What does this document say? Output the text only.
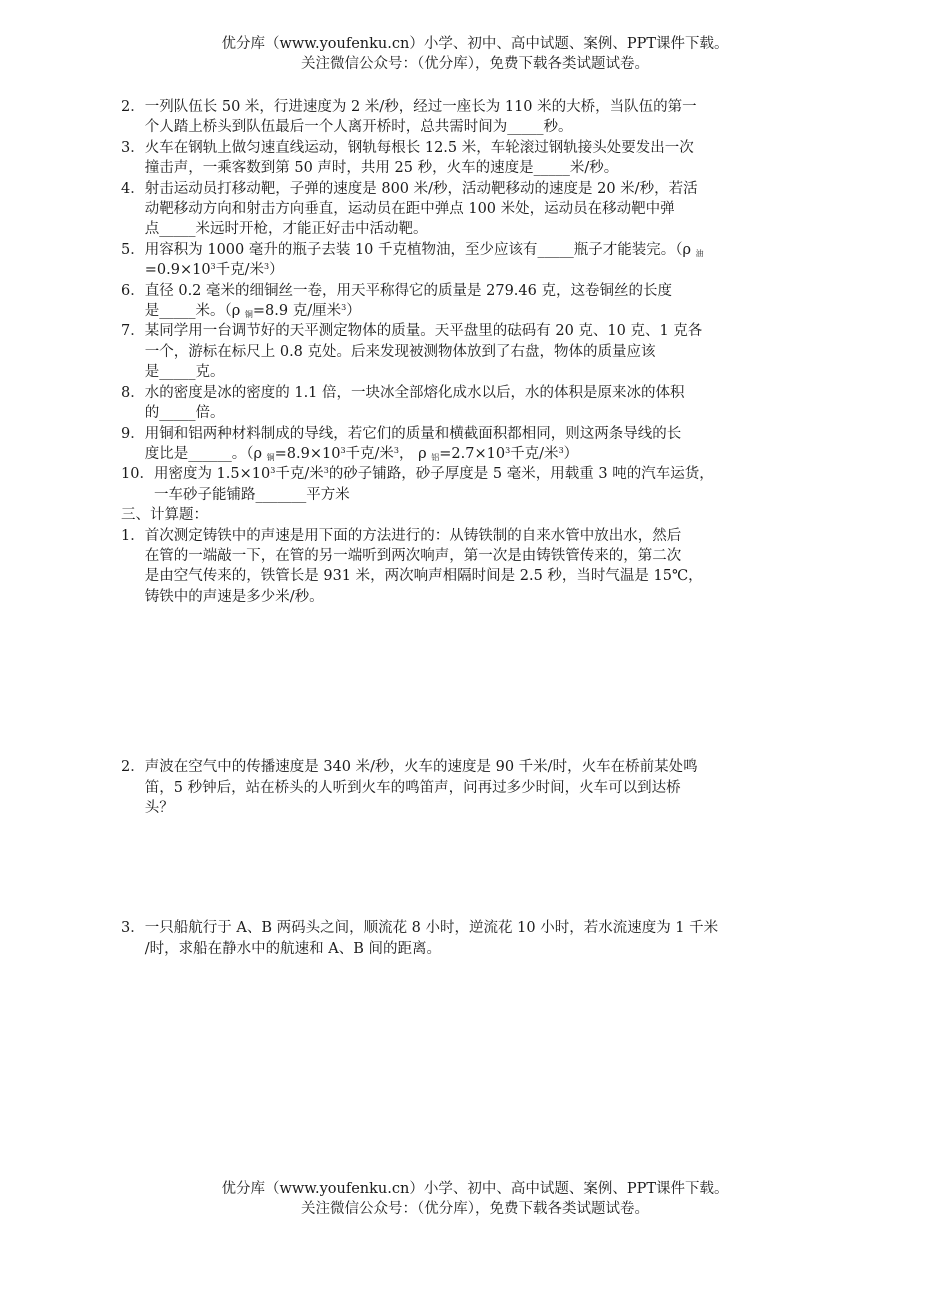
优分库（www.youfenku.cn）小学、初中、高中试题、案例、PPT课件下载。
关注微信公众号：（优分库），免费下载各类试题试卷。
2． 一列队伍长 50 米，行进速度为 2 米/秒，经过一座长为 110 米的大桥，当队伍的第一
个人踏上桥头到队伍最后一个人离开桥时，总共需时间为_____秒。
3． 火车在钢轨上做匀速直线运动，钢轨每根长 12.5 米，车轮滚过钢轨接头处要发出一次
撞击声，一乘客数到第 50 声时，共用 25 秒，火车的速度是_____米/秒。
4． 射击运动员打移动靶，子弹的速度是 800 米/秒，活动靶移动的速度是 20 米/秒，若活
动靶移动方向和射击方向垂直，运动员在距中弹点 100 米处，运动员在移动靶中弹
点_____米远时开枪，才能正好击中活动靶。
5． 用容积为 1000 毫升的瓶子去装 10 千克植物油，至少应该有_____瓶子才能装完。（ρ $_油$
$=0.9\times 10^3$千克/米$^3$）
6． 直径 0.2 毫米的细铜丝一卷，用天平称得它的质量是 279.46 克，这卷铜丝的长度
是_____米。（ρ $_铜$=8.9 克/厘米$^3$）
7． 某同学用一台调节好的天平测定物体的质量。天平盘里的砝码有 20 克、10 克、1 克各
一个，游标在标尺上 0.8 克处。后来发现被测物体放到了右盘，物体的质量应该
是_____克。
8． 水的密度是冰的密度的 1.1 倍，一块冰全部熔化成水以后，水的体积是原来冰的体积
的_____倍。
9． 用铜和铝两种材料制成的导线，若它们的质量和横截面积都相同，则这两条导线的长
度比是______。（ρ $_铜=8.9\times 10^3$千克/米$^3$， ρ $_铝=2.7\times 10^3$千克/米$^3$）
10． 用密度为 $1.5\times 10^3$千克/米$^3$的砂子铺路，砂子厚度是 5 毫米，用载重 3 吨的汽车运货，
一车砂子能铺路_______平方米
三、计算题：
1． 首次测定铸铁中的声速是用下面的方法进行的：从铸铁制的自来水管中放出水，然后
在管的一端敲一下，在管的另一端听到两次响声，第一次是由铸铁管传来的，第二次
是由空气传来的，铁管长是 931 米，两次响声相隔时间是 2.5 秒，当时气温是 15℃，
铸铁中的声速是多少米/秒。
2． 声波在空气中的传播速度是 340 米/秒，火车的速度是 90 千米/时，火车在桥前某处鸣
笛，5 秒钟后，站在桥头的人听到火车的鸣笛声，问再过多少时间，火车可以到达桥
头？
3． 一只船航行于 A、B 两码头之间，顺流花 8 小时，逆流花 10 小时，若水流速度为 1 千米
/时，求船在静水中的航速和 A、B 间的距离。
优分库（www.youfenku.cn）小学、初中、高中试题、案例、PPT课件下载。
关注微信公众号：（优分库），免费下载各类试题试卷。
